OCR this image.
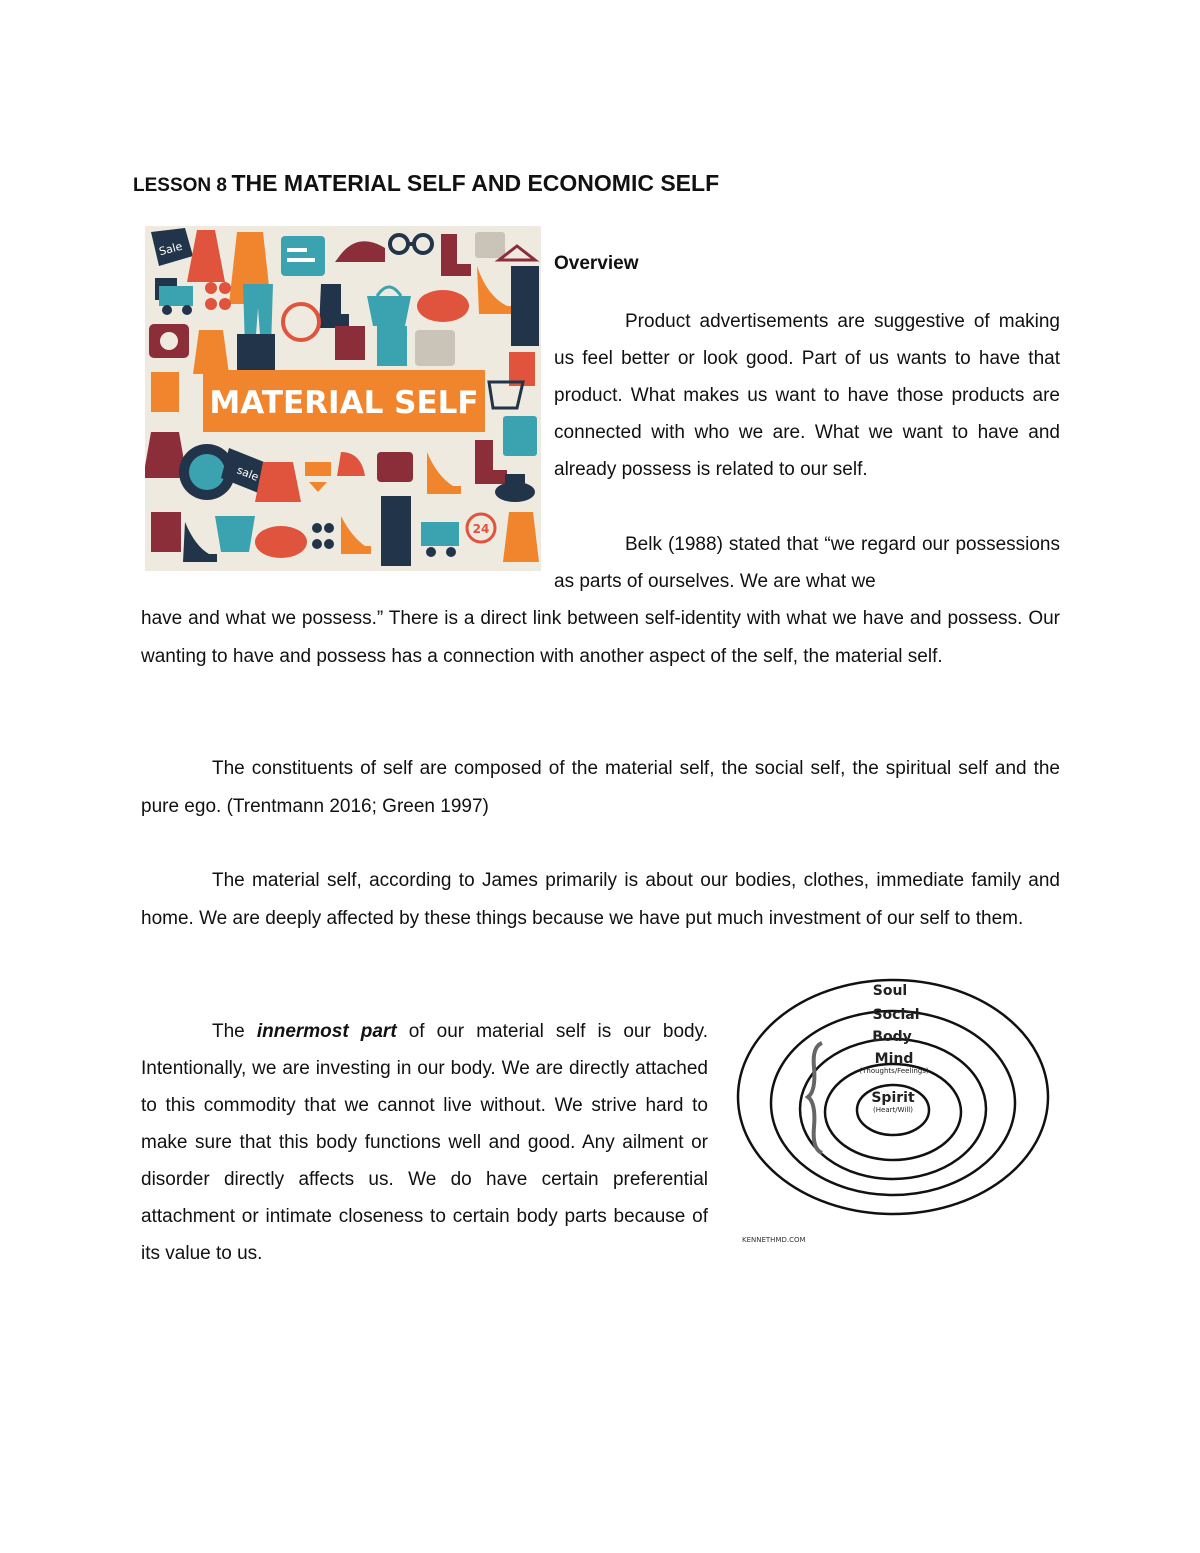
LESSON 8 THE MATERIAL SELF AND ECONOMIC SELF
Sale
MATERIAL SELF
sale
24
Overview

Product advertisements are suggestive of making us feel better or look good. Part of us wants to have that product. What makes us want to have those products are connected with who we are. What we want to have and already possess is related to our self.

Belk (1988) stated that “we regard our possessions as parts of ourselves. We are what we

have and what we possess.” There is a direct link between self-identity with what we have and possess. Our wanting to have and possess has a connection with another aspect of the self, the material self.

The constituents of self are composed of the material self, the social self, the spiritual self and the pure ego. (Trentmann 2016; Green 1997)

The material self, according to James primarily is about our bodies, clothes, immediate family and home. We are deeply affected by these things because we have put much investment of our self to them.

The innermost part of our material self is our body. Intentionally, we are investing in our body. We are directly attached to this commodity that we cannot live without. We strive hard to make sure that this body functions well and good. Any ailment or disorder directly affects us. We do have certain preferential attachment or intimate closeness to certain body parts because of its value to us.

Soul
Social
Body
Mind
(Thoughts/Feelings)
Spirit
(Heart/Will)
KENNETHMD.COM
